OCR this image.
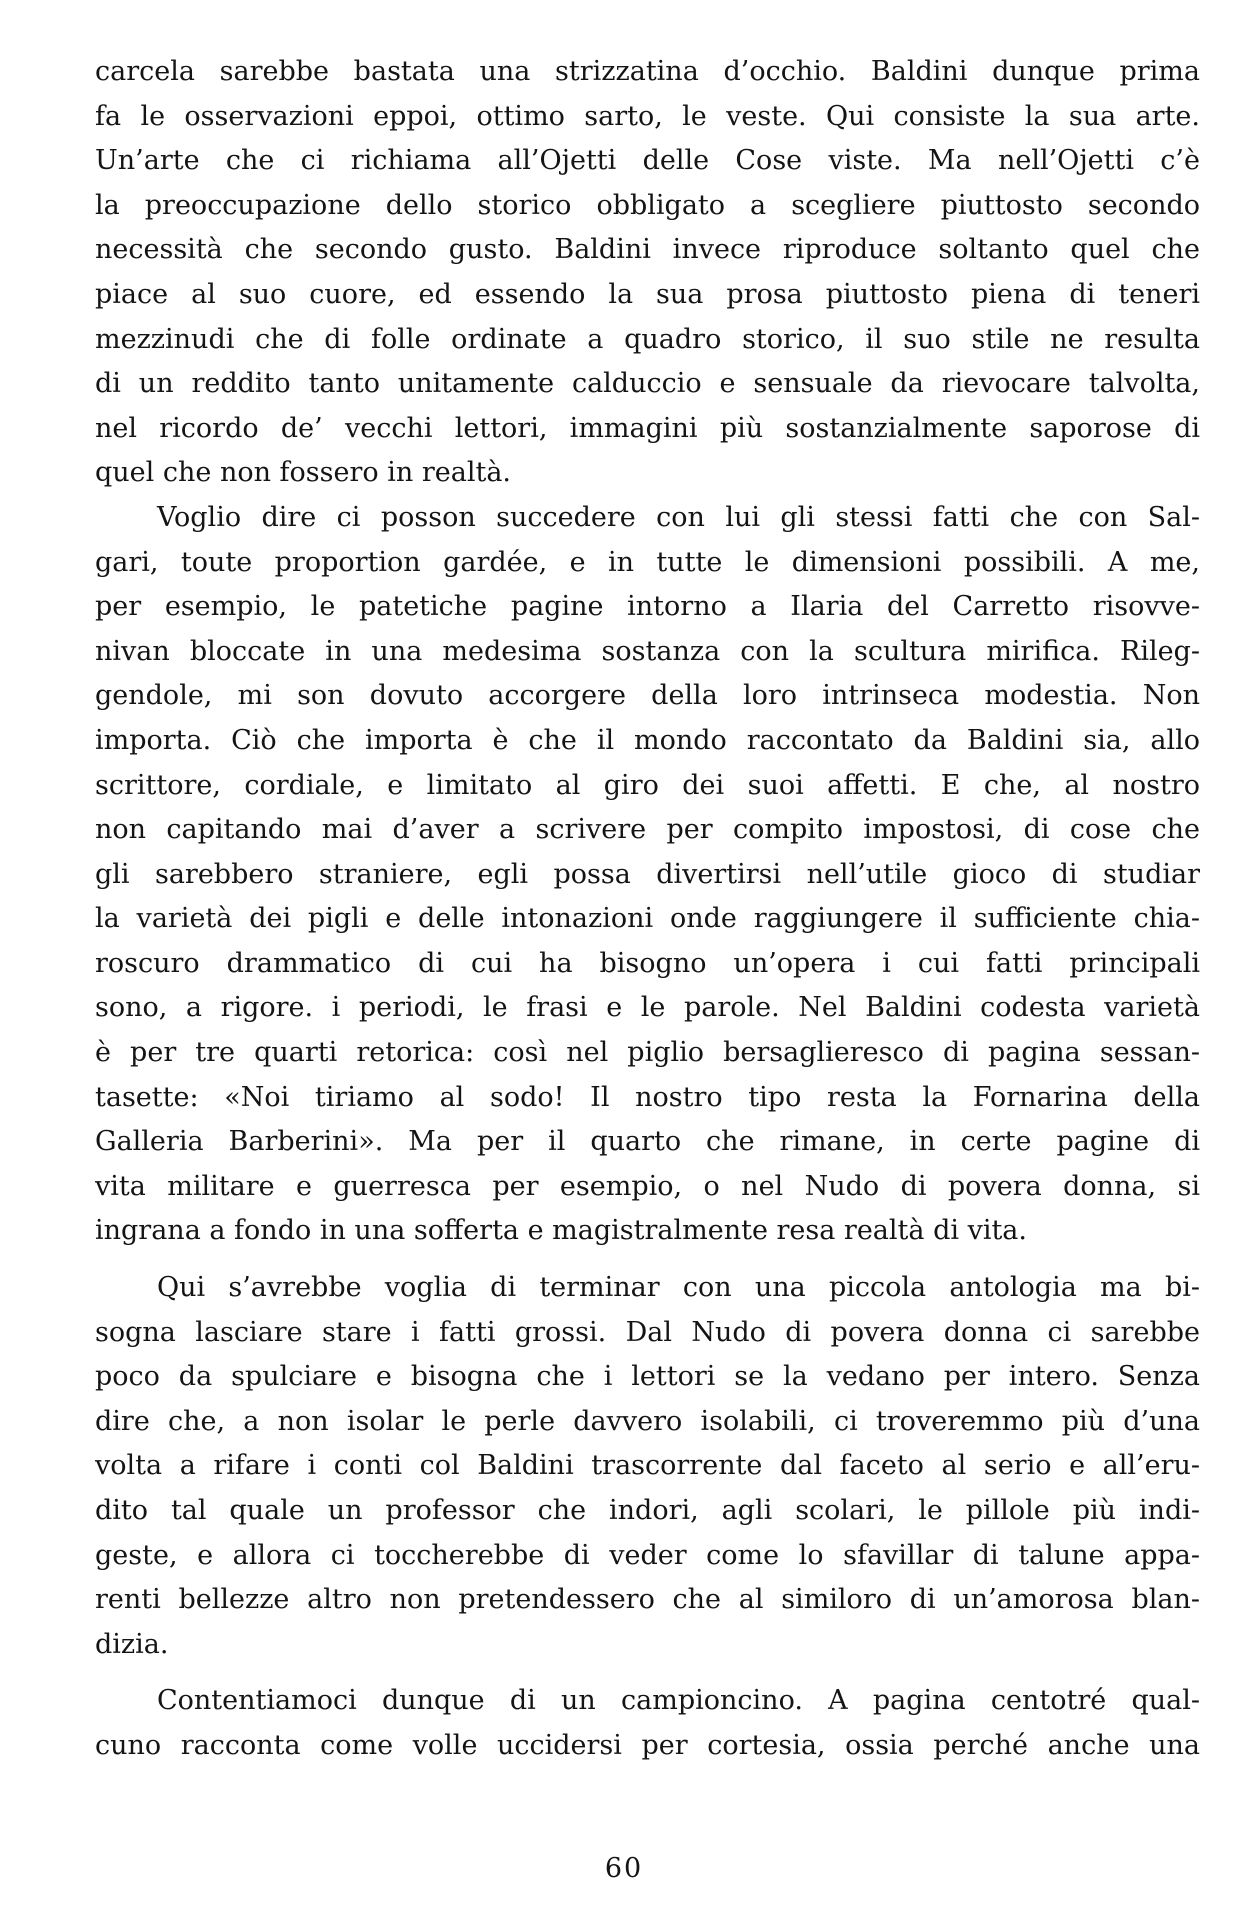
carcela sarebbe bastata una strizzatina d’occhio. Baldini dunque prima
fa le osservazioni eppoi, ottimo sarto, le veste. Qui consiste la sua arte.
Un’arte che ci richiama all’Ojetti delle Cose viste. Ma nell’Ojetti c’è
la preoccupazione dello storico obbligato a scegliere piuttosto secondo
necessità che secondo gusto. Baldini invece riproduce soltanto quel che
piace al suo cuore, ed essendo la sua prosa piuttosto piena di teneri
mezzinudi che di folle ordinate a quadro storico, il suo stile ne resulta
di un reddito tanto unitamente calduccio e sensuale da rievocare talvolta,
nel ricordo de’ vecchi lettori, immagini più sostanzialmente saporose di
quel che non fossero in realtà.
Voglio dire ci posson succedere con lui gli stessi fatti che con Sal-
gari, toute proportion gardée, e in tutte le dimensioni possibili. A me,
per esempio, le patetiche pagine intorno a Ilaria del Carretto risovve-
nivan bloccate in una medesima sostanza con la scultura mirifica. Rileg-
gendole, mi son dovuto accorgere della loro intrinseca modestia. Non
importa. Ciò che importa è che il mondo raccontato da Baldini sia, allo
scrittore, cordiale, e limitato al giro dei suoi affetti. E che, al nostro
non capitando mai d’aver a scrivere per compito impostosi, di cose che
gli sarebbero straniere, egli possa divertirsi nell’utile gioco di studiar
la varietà dei pigli e delle intonazioni onde raggiungere il sufficiente chia-
roscuro drammatico di cui ha bisogno un’opera i cui fatti principali
sono, a rigore. i periodi, le frasi e le parole. Nel Baldini codesta varietà
è per tre quarti retorica: così nel piglio bersaglieresco di pagina sessan-
tasette: «Noi tiriamo al sodo! Il nostro tipo resta la Fornarina della
Galleria Barberini». Ma per il quarto che rimane, in certe pagine di
vita militare e guerresca per esempio, o nel Nudo di povera donna, si
ingrana a fondo in una sofferta e magistralmente resa realtà di vita.
Qui s’avrebbe voglia di terminar con una piccola antologia ma bi-
sogna lasciare stare i fatti grossi. Dal Nudo di povera donna ci sarebbe
poco da spulciare e bisogna che i lettori se la vedano per intero. Senza
dire che, a non isolar le perle davvero isolabili, ci troveremmo più d’una
volta a rifare i conti col Baldini trascorrente dal faceto al serio e all’eru-
dito tal quale un professor che indori, agli scolari, le pillole più indi-
geste, e allora ci toccherebbe di veder come lo sfavillar di talune appa-
renti bellezze altro non pretendessero che al similoro di un’amorosa blan-
dizia.
Contentiamoci dunque di un campioncino. A pagina centotré qual-
cuno racconta come volle uccidersi per cortesia, ossia perché anche una
60
